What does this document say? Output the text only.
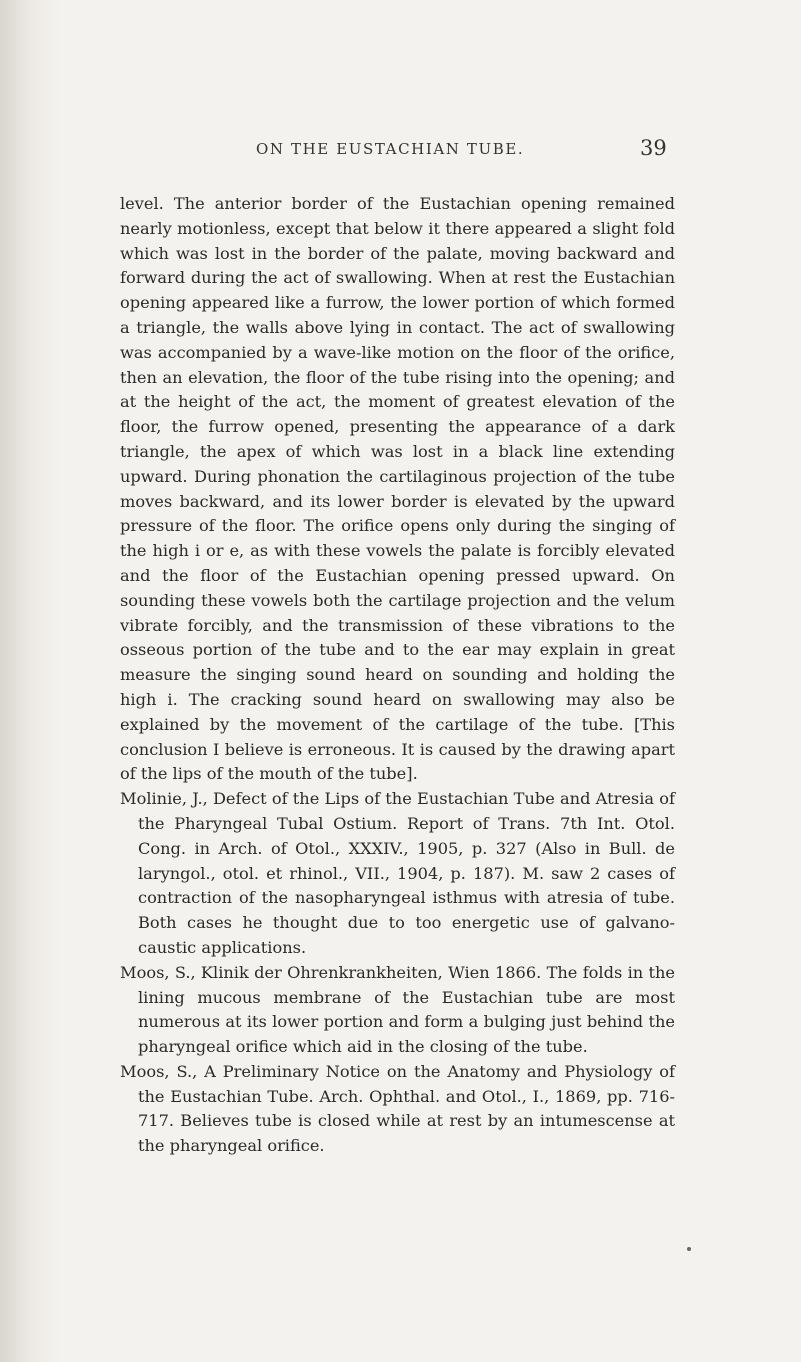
ON THE EUSTACHIAN TUBE.	39

level. The anterior border of the Eustachian opening remained nearly motionless, except that below it there appeared a slight fold which was lost in the border of the palate, moving backward and forward during the act of swallowing. When at rest the Eustachian opening appeared like a furrow, the lower portion of which formed a triangle, the walls above lying in contact. The act of swallowing was accompanied by a wave-like motion on the floor of the orifice, then an elevation, the floor of the tube rising into the opening; and at the height of the act, the moment of greatest elevation of the floor, the furrow opened, presenting the appearance of a dark triangle, the apex of which was lost in a black line extending upward. During phonation the cartilaginous projection of the tube moves backward, and its lower border is elevated by the upward pressure of the floor. The orifice opens only during the singing of the high i or e, as with these vowels the palate is forcibly elevated and the floor of the Eustachian opening pressed upward. On sounding these vowels both the cartilage projection and the velum vibrate forcibly, and the transmission of these vibrations to the osseous portion of the tube and to the ear may explain in great measure the singing sound heard on sounding and holding the high i. The cracking sound heard on swallowing may also be explained by the movement of the cartilage of the tube. [This conclusion I believe is erroneous. It is caused by the drawing apart of the lips of the mouth of the tube].

Molinie, J., Defect of the Lips of the Eustachian Tube and Atresia of the Pharyngeal Tubal Ostium. Report of Trans. 7th Int. Otol. Cong. in Arch. of Otol., XXXIV., 1905, p. 327 (Also in Bull. de laryngol., otol. et rhinol., VII., 1904, p. 187). M. saw 2 cases of contraction of the nasopharyngeal isthmus with atresia of tube. Both cases he thought due to too energetic use of galvano-caustic applications.

Moos, S., Klinik der Ohrenkrankheiten, Wien 1866. The folds in the lining mucous membrane of the Eustachian tube are most numerous at its lower portion and form a bulging just behind the pharyngeal orifice which aid in the closing of the tube.

Moos, S., A Preliminary Notice on the Anatomy and Physiology of the Eustachian Tube. Arch. Ophthal. and Otol., I., 1869, pp. 716-717. Believes tube is closed while at rest by an intumescense at the pharyngeal orifice.
